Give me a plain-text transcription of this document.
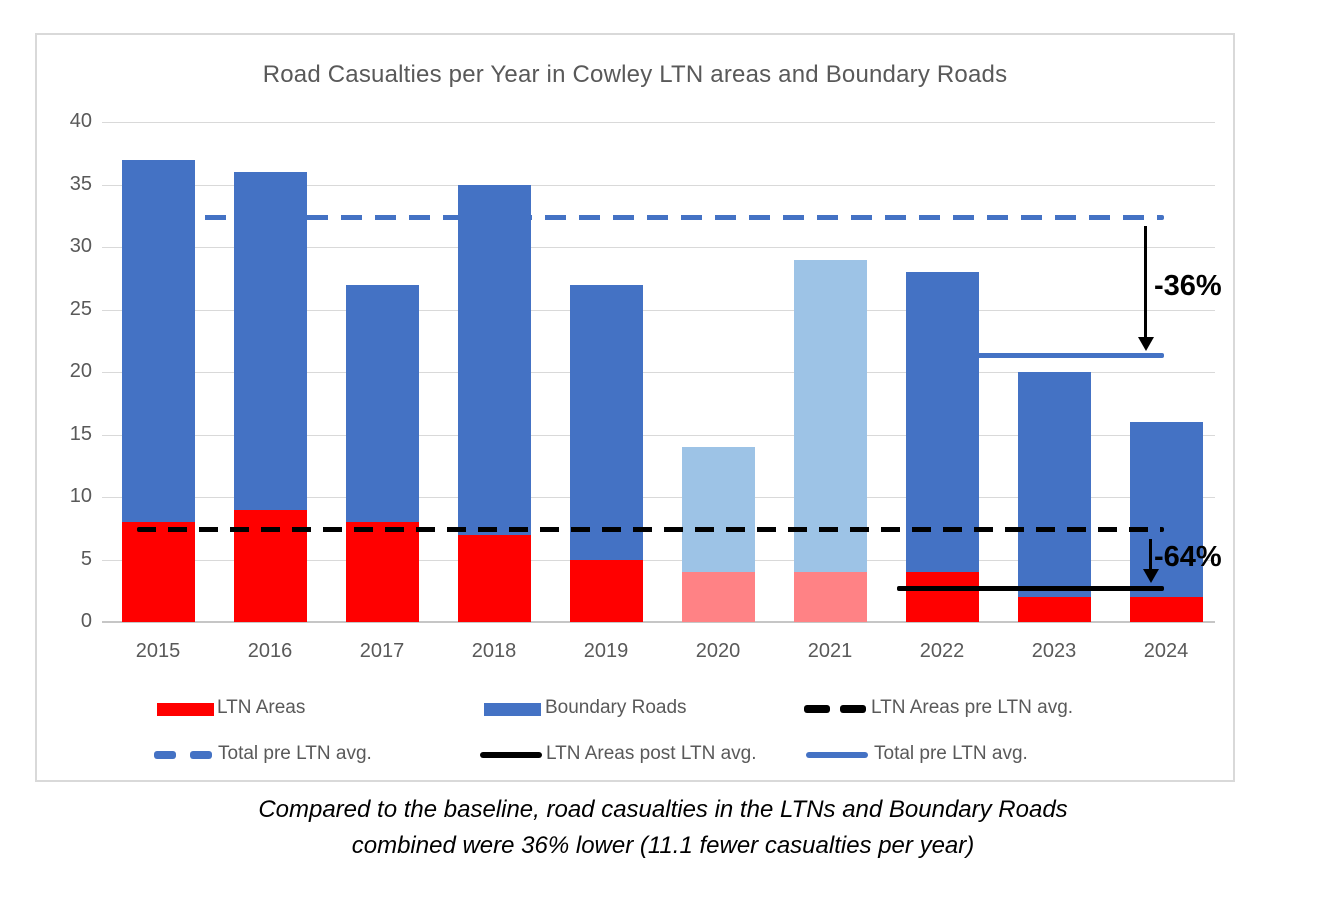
Road Casualties per Year in Cowley LTN areas and Boundary Roads
0
5
10
15
20
25
30
35
40
2015	2016	2017	2018	2019	2020	2021	2022	2023	2024
-36%
-64%
LTN Areas	Boundary Roads	LTN Areas pre LTN avg.
Total pre LTN avg.	LTN Areas post LTN avg.	Total pre LTN avg.
Compared to the baseline, road casualties in the LTNs and Boundary Roads
combined were 36% lower (11.1 fewer casualties per year)
